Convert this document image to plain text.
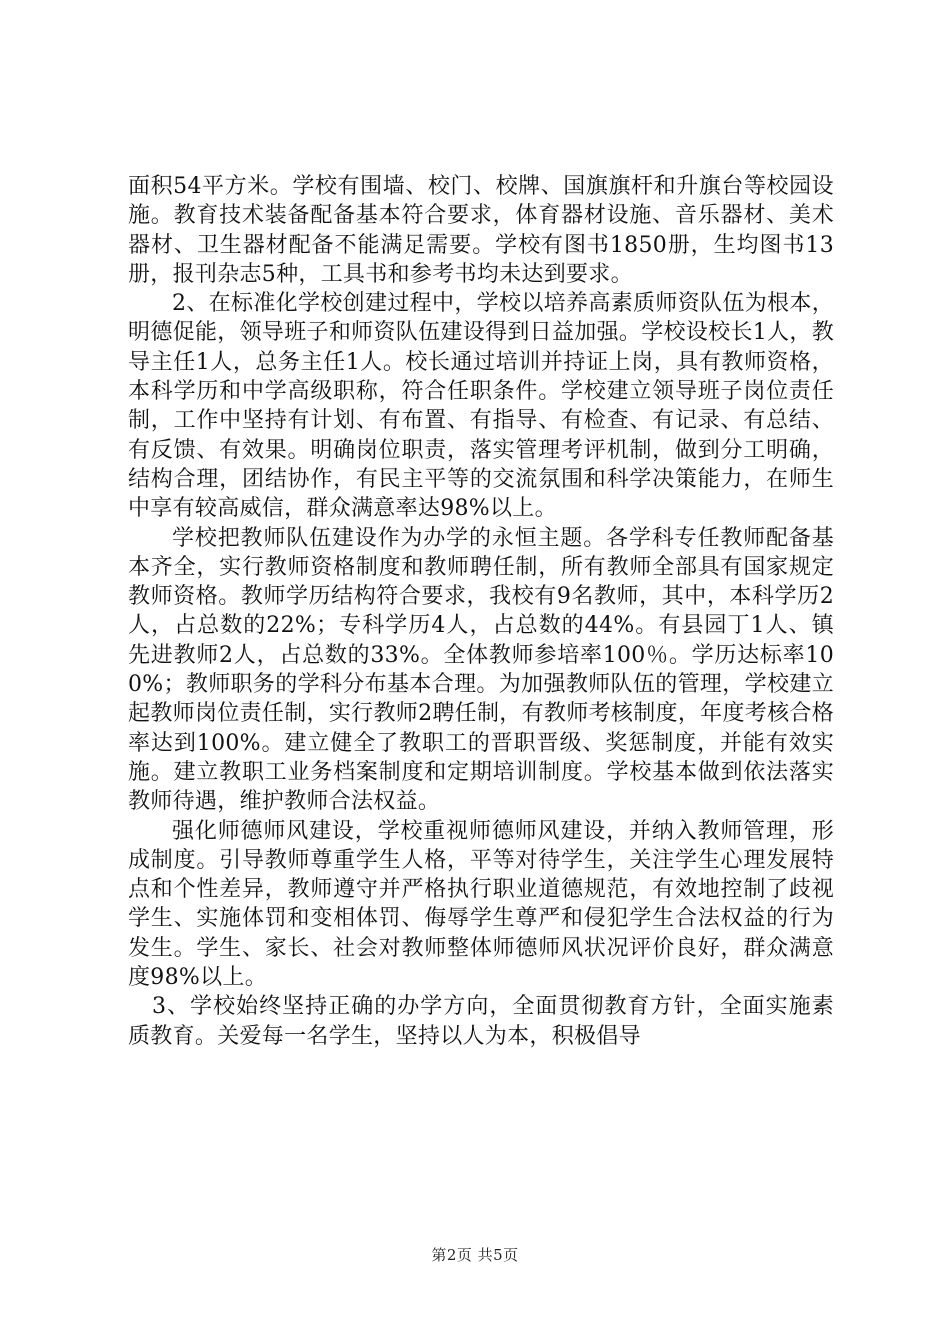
面积54平方米。学校有围墙、校门、校牌、国旗旗杆和升旗台等校园设施。教育技术装备配备基本符合要求，体育器材设施、音乐器材、美术器材、卫生器材配备不能满足需要。学校有图书1850册，生均图书13册，报刊杂志5种，工具书和参考书均未达到要求。

2、在标准化学校创建过程中，学校以培养高素质师资队伍为根本，明德促能，领导班子和师资队伍建设得到日益加强。学校设校长1人，教导主任1人，总务主任1人。校长通过培训并持证上岗，具有教师资格，本科学历和中学高级职称，符合任职条件。学校建立领导班子岗位责任制，工作中坚持有计划、有布置、有指导、有检查、有记录、有总结、有反馈、有效果。明确岗位职责，落实管理考评机制，做到分工明确，结构合理，团结协作，有民主平等的交流氛围和科学决策能力，在师生中享有较高威信，群众满意率达98%以上。

学校把教师队伍建设作为办学的永恒主题。各学科专任教师配备基本齐全，实行教师资格制度和教师聘任制，所有教师全部具有国家规定教师资格。教师学历结构符合要求，我校有9名教师，其中，本科学历2人，占总数的22%；专科学历4人，占总数的44%。有县园丁1人、镇先进教师2人，占总数的33%。全体教师参培率100％。学历达标率100%；教师职务的学科分布基本合理。为加强教师队伍的管理，学校建立起教师岗位责任制，实行教师2聘任制，有教师考核制度，年度考核合格率达到100%。建立健全了教职工的晋职晋级、奖惩制度，并能有效实施。建立教职工业务档案制度和定期培训制度。学校基本做到依法落实教师待遇，维护教师合法权益。

强化师德师风建设，学校重视师德师风建设，并纳入教师管理，形成制度。引导教师尊重学生人格，平等对待学生，关注学生心理发展特点和个性差异，教师遵守并严格执行职业道德规范，有效地控制了歧视学生、实施体罚和变相体罚、侮辱学生尊严和侵犯学生合法权益的行为发生。学生、家长、社会对教师整体师德师风状况评价良好，群众满意度98%以上。

3、学校始终坚持正确的办学方向，全面贯彻教育方针，全面实施素质教育。关爱每一名学生，坚持以人为本，积极倡导

第2页 共5页
